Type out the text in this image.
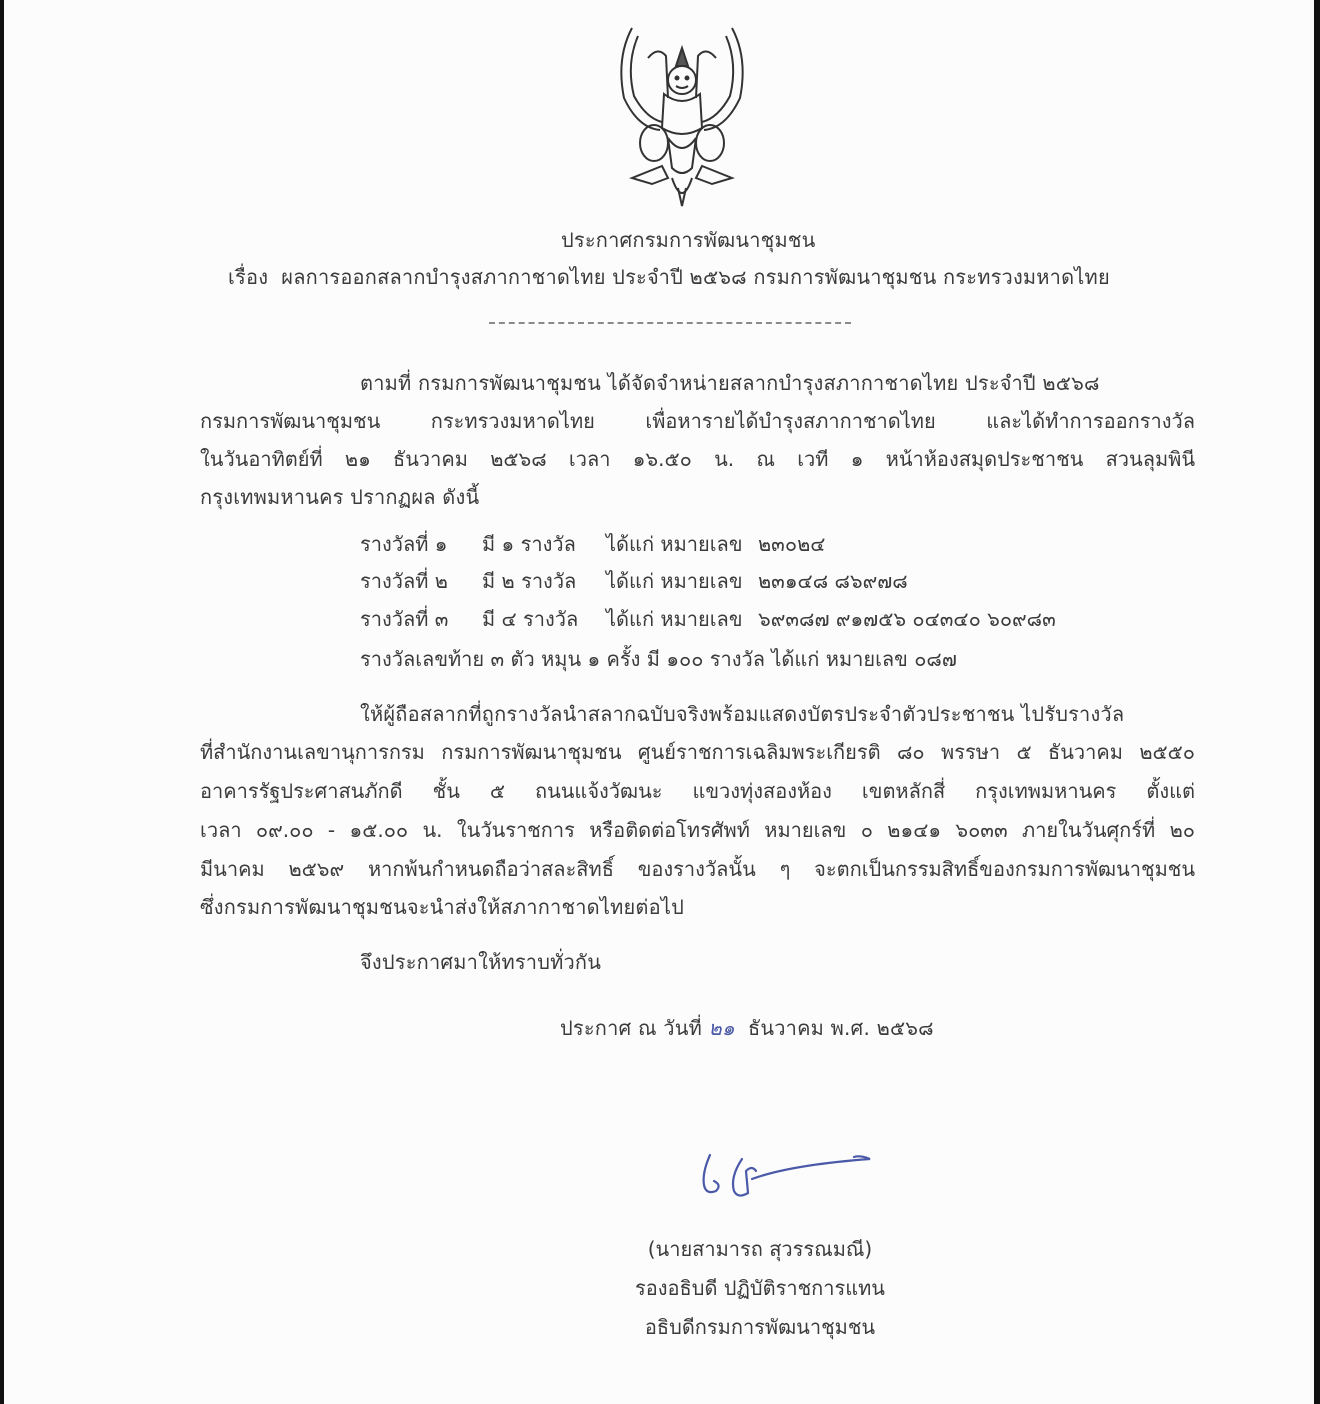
ประกาศกรมการพัฒนาชุมชน
เรื่อง ผลการออกสลากบำรุงสภากาชาดไทย ประจำปี ๒๕๖๘ กรมการพัฒนาชุมชน กระทรวงมหาดไทย
ตามที่ กรมการพัฒนาชุมชน ได้จัดจำหน่ายสลากบำรุงสภากาชาดไทย ประจำปี ๒๕๖๘
กรมการพัฒนาชุมชน กระทรวงมหาดไทย เพื่อหารายได้บำรุงสภากาชาดไทย และได้ทำการออกรางวัล
ในวันอาทิตย์ที่ ๒๑ ธันวาคม ๒๕๖๘ เวลา ๑๖.๕๐ น. ณ เวที ๑ หน้าห้องสมุดประชาชน สวนลุมพินี
กรุงเทพมหานคร ปรากฏผล ดังนี้
รางวัลที่ ๑ มี ๑ รางวัล ได้แก่ หมายเลข ๒๓๐๒๔
รางวัลที่ ๒ มี ๒ รางวัล ได้แก่ หมายเลข ๒๓๑๔๘ ๘๖๙๗๘
รางวัลที่ ๓ มี ๔ รางวัล ได้แก่ หมายเลข ๖๙๓๘๗ ๙๑๗๕๖ ๐๔๓๔๐ ๖๐๙๘๓
รางวัลเลขท้าย ๓ ตัว หมุน ๑ ครั้ง มี ๑๐๐ รางวัล ได้แก่ หมายเลข ๐๘๗
ให้ผู้ถือสลากที่ถูกรางวัลนำสลากฉบับจริงพร้อมแสดงบัตรประจำตัวประชาชน ไปรับรางวัล
ที่สำนักงานเลขานุการกรม กรมการพัฒนาชุมชน ศูนย์ราชการเฉลิมพระเกียรติ ๘๐ พรรษา ๕ ธันวาคม ๒๕๕๐
อาคารรัฐประศาสนภักดี ชั้น ๕ ถนนแจ้งวัฒนะ แขวงทุ่งสองห้อง เขตหลักสี่ กรุงเทพมหานคร ตั้งแต่
เวลา ๐๙.๐๐ - ๑๕.๐๐ น. ในวันราชการ หรือติดต่อโทรศัพท์ หมายเลข ๐ ๒๑๔๑ ๖๐๓๓ ภายในวันศุกร์ที่ ๒๐
มีนาคม ๒๕๖๙ หากพ้นกำหนดถือว่าสละสิทธิ์ ของรางวัลนั้น ๆ จะตกเป็นกรรมสิทธิ์ของกรมการพัฒนาชุมชน
ซึ่งกรมการพัฒนาชุมชนจะนำส่งให้สภากาชาดไทยต่อไป
จึงประกาศมาให้ทราบทั่วกัน
ประกาศ ณ วันที่ ๒๑ ธันวาคม พ.ศ. ๒๕๖๘
(นายสามารถ สุวรรณมณี)
รองอธิบดี ปฏิบัติราชการแทน
อธิบดีกรมการพัฒนาชุมชน
